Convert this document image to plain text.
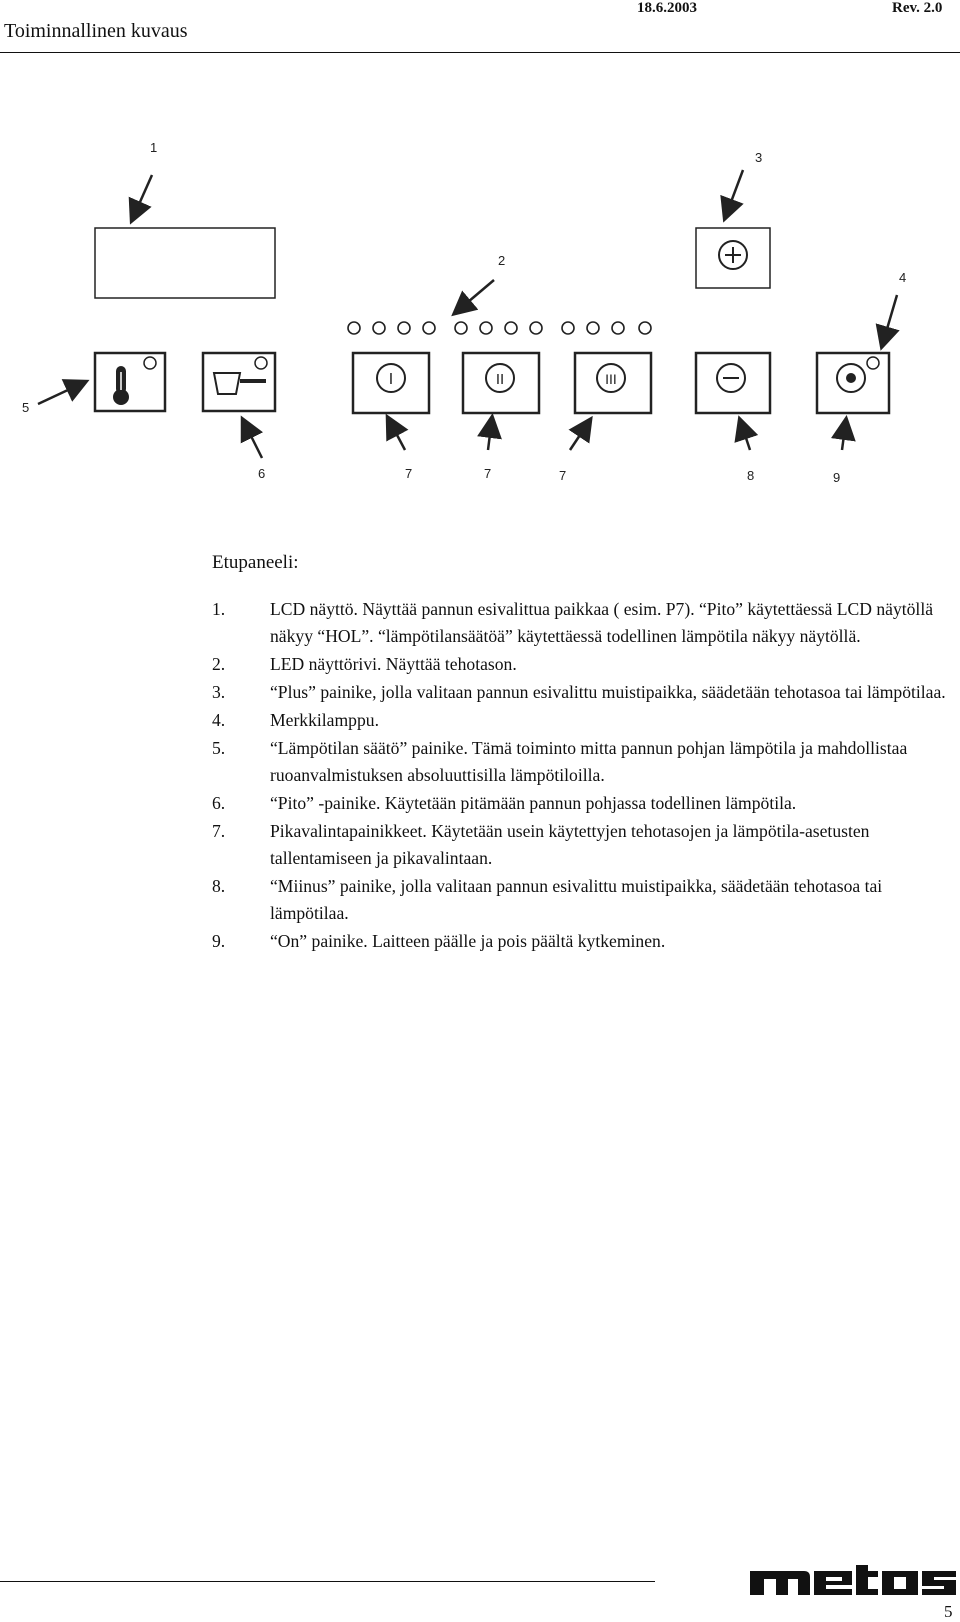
Toiminnallinen kuvaus
18.6.2003	Rev. 2.0
I	II	III
1
2
3
4
5
6	7	7	7	8	9
Etupaneeli:
1.	LCD näyttö. Näyttää pannun esivalittua paikkaa ( esim. P7). “Pito” käytettäessä LCD näytöllä näkyy “HOL”. “lämpötilansäätöä” käytettäessä todellinen lämpötila näkyy näytöllä.
2.	LED näyttörivi. Näyttää tehotason.
3.	“Plus” painike, jolla valitaan pannun esivalittu muistipaikka, säädetään tehotasoa tai lämpötilaa.
4.	Merkkilamppu.
5.	“Lämpötilan säätö” painike. Tämä toiminto mitta pannun pohjan lämpötila ja mahdollistaa ruoanvalmistuksen absoluuttisilla lämpötiloilla.
6.	“Pito” -painike. Käytetään pitämään pannun pohjassa todellinen lämpötila.
7.	Pikavalintapainikkeet. Käytetään usein käytettyjen tehotasojen ja lämpötila-asetusten tallentamiseen ja pikavalintaan.
8.	“Miinus” painike, jolla valitaan pannun esivalittu muistipaikka, säädetään tehotasoa tai lämpötilaa.
9.	“On” painike. Laitteen päälle ja pois päältä kytkeminen.
5
